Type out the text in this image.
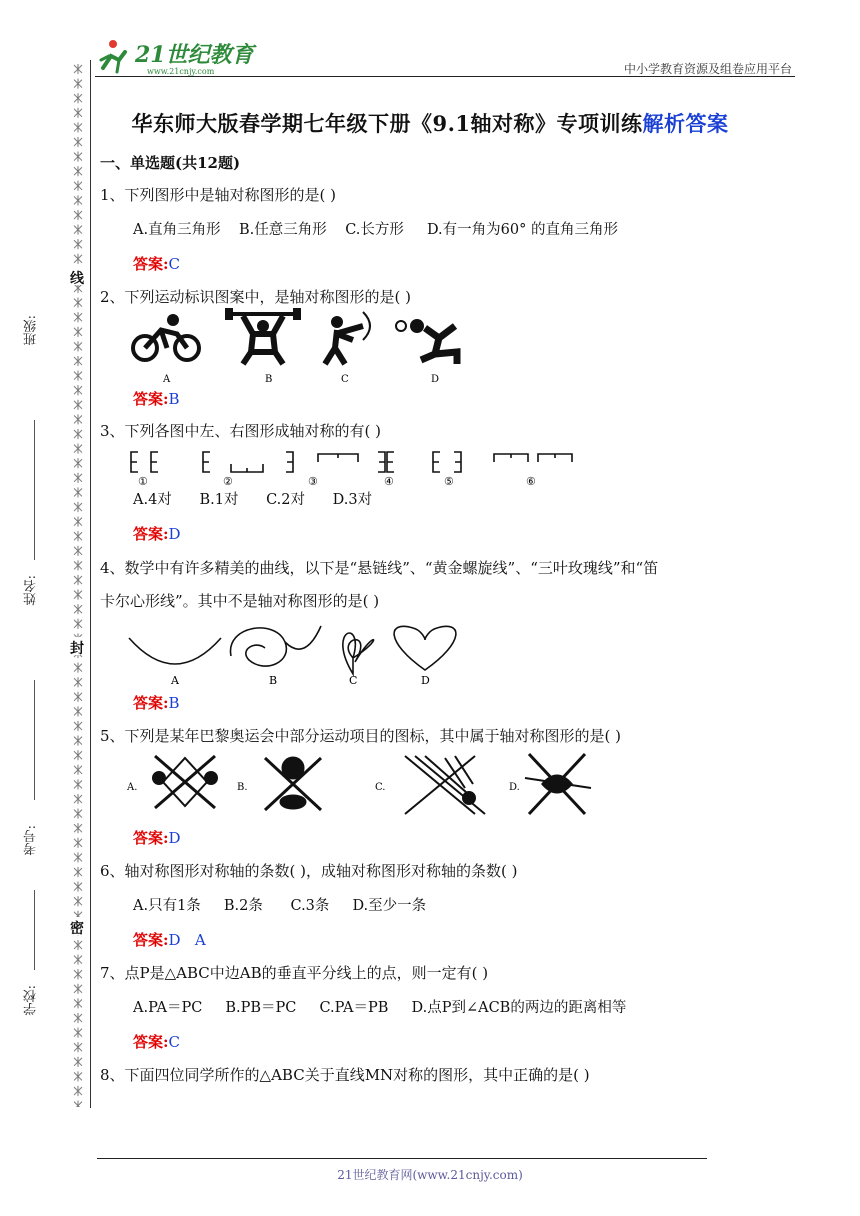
21世纪教育
www.21cnjy.com	中小学教育资源及组卷应用平台
班级:
姓名:
考号:
学校:
线
封
密
华东师大版春学期七年级下册《9.1轴对称》专项训练解析答案
一、单选题(共12题)
1、下列图形中是轴对称图形的是( )
A.直角三角形    B.任意三角形    C.长方形     D.有一角为60° 的直角三角形
答案:C
2、下列运动标识图案中，是轴对称图形的是( )
A	B	C	D
答案:B
3、下列各图中左、右图形成轴对称的有( )
①	②	③	④	⑤	⑥
A.4对      B.1对      C.2对      D.3对
答案:D
4、数学中有许多精美的曲线，以下是“悬链线”、“黄金螺旋线”、“三叶玫瑰线”和“笛
卡尔心形线”。其中不是轴对称图形的是( )
A	B	C	D
答案:B
5、下列是某年巴黎奥运会中部分运动项目的图标，其中属于轴对称图形的是( )
A.	B.	C.	D.
答案:D
6、轴对称图形对称轴的条数( )，成轴对称图形对称轴的条数( )
A.只有1条     B.2条      C.3条     D.至少一条
答案:D   A
7、点P是△ABC中边AB的垂直平分线上的点，则一定有( )
A.PA＝PC     B.PB＝PC     C.PA＝PB     D.点P到∠ACB的两边的距离相等
答案:C
8、下面四位同学所作的△ABC关于直线MN对称的图形，其中正确的是( )
21世纪教育网(www.21cnjy.com)
